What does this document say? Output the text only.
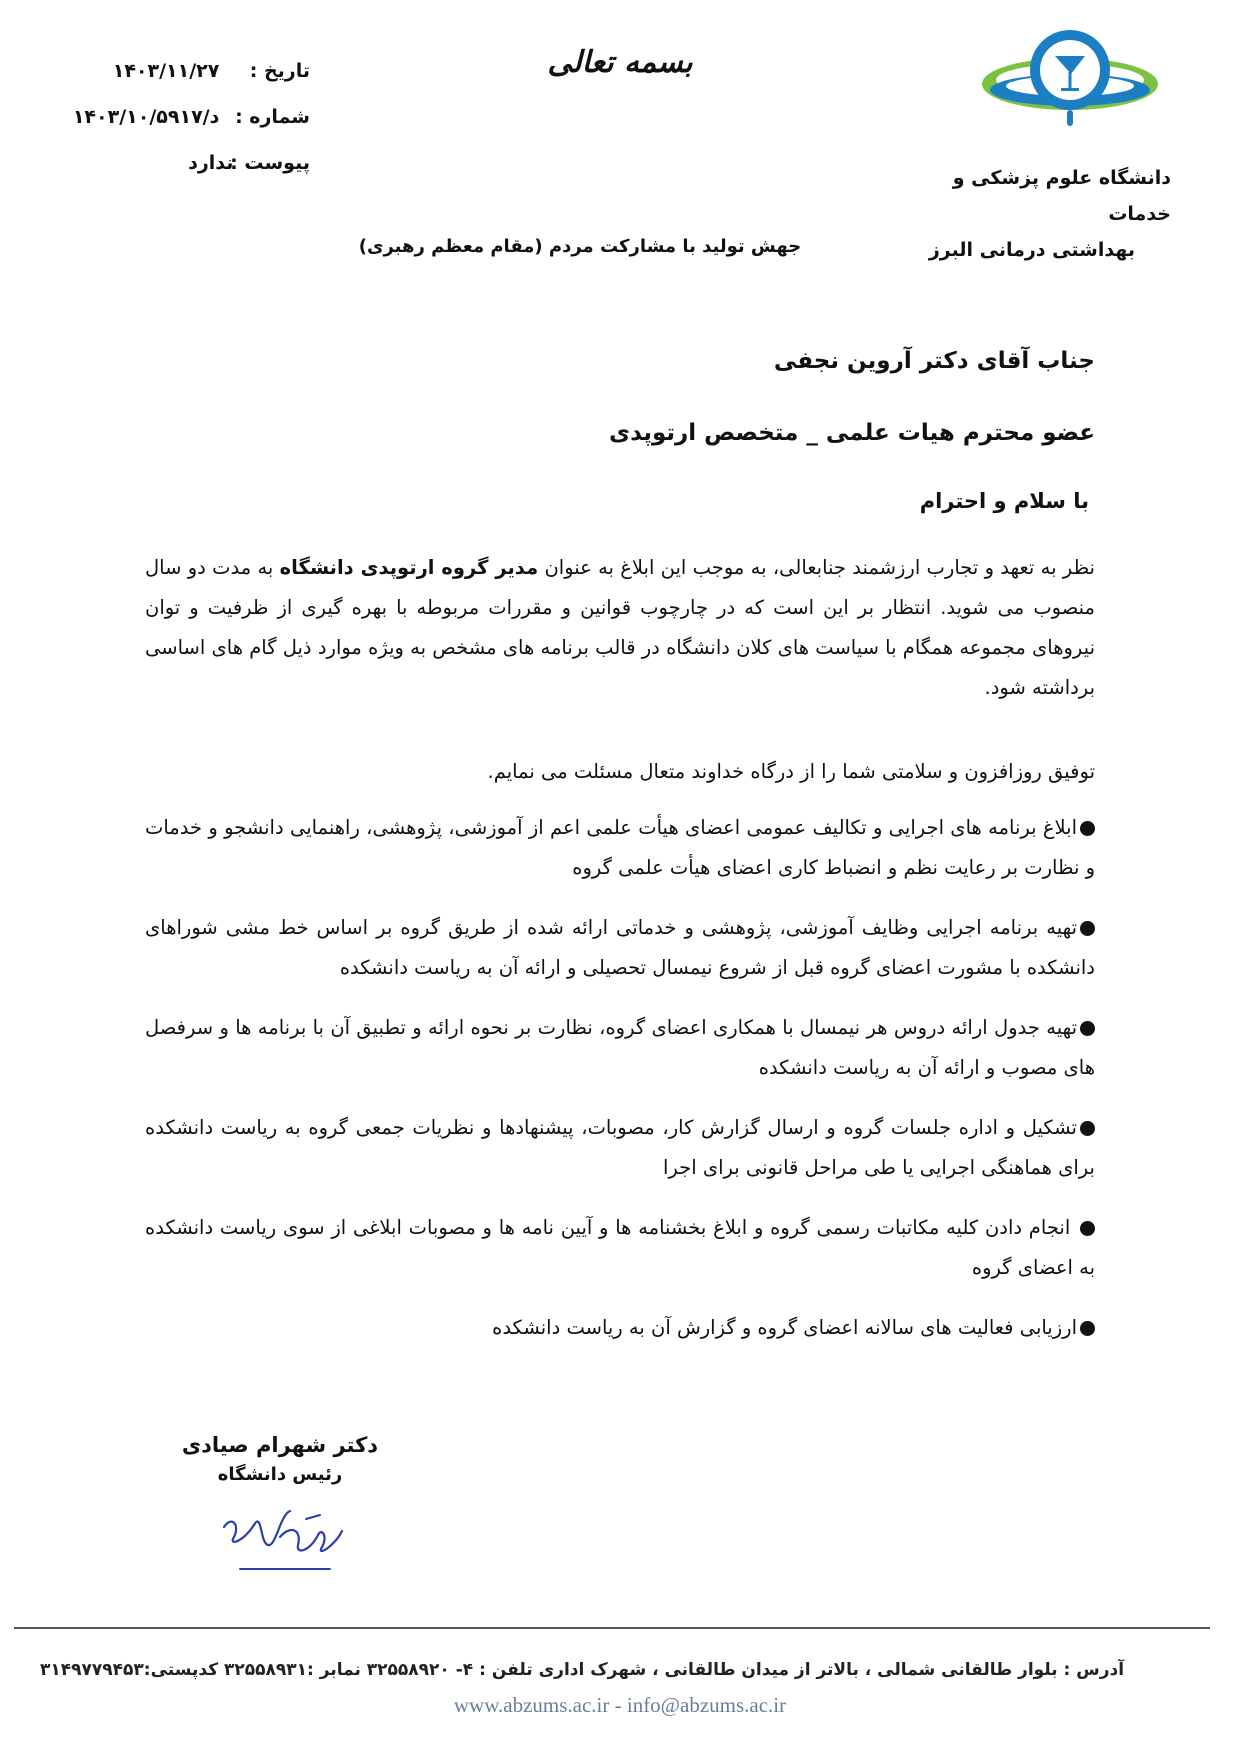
دانشگاه علوم پزشکی و خدمات
بهداشتی درمانی البرز
بسمه تعالی
تاریخ : ۱۴۰۳/۱۱/۲۷
شماره : ۱۴۰۳/د/۱۰/۵۹۱۷
پیوست : ندارد
جهش تولید با مشارکت مردم (مقام معظم رهبری)
جناب آقای دکتر آروین نجفی
عضو محترم هیات علمی _ متخصص ارتوپدی
با سلام و احترام
نظر به تعهد و تجارب ارزشمند جنابعالی، به موجب این ابلاغ به عنوان مدیر گروه ارتوپدی دانشگاه به مدت دو سال منصوب می شوید. انتظار بر این است که در چارچوب قوانین و مقررات مربوطه با بهره گیری از ظرفیت و توان نیروهای مجموعه همگام با سیاست های کلان دانشگاه در قالب برنامه های مشخص به ویژه موارد ذیل گام های اساسی برداشته شود.
توفیق روزافزون و سلامتی شما را از درگاه خداوند متعال مسئلت می نمایم.
ابلاغ برنامه های اجرایی و تکالیف عمومی اعضای هیأت علمی اعم از آموزشی، پژوهشی، راهنمایی دانشجو و خدمات و نظارت بر رعایت نظم و انضباط کاری اعضای هیأت علمی گروه
تهیه برنامه اجرایی وظایف آموزشی، پژوهشی و خدماتی ارائه شده از طریق گروه بر اساس خط مشی شوراهای دانشکده با مشورت اعضای گروه قبل از شروع نیمسال تحصیلی و ارائه آن به ریاست دانشکده
تهیه جدول ارائه دروس هر نیمسال با همکاری اعضای گروه، نظارت بر نحوه ارائه و تطبیق آن با برنامه ها و سرفصل های مصوب و ارائه آن به ریاست دانشکده
تشکیل و اداره جلسات گروه و ارسال گزارش کار، مصوبات، پیشنهادها و نظریات جمعی گروه به ریاست دانشکده برای هماهنگی اجرایی یا طی مراحل قانونی برای اجرا
انجام دادن کلیه مکاتبات رسمی گروه و ابلاغ بخشنامه ها و آیین نامه ها و مصوبات ابلاغی از سوی ریاست دانشکده به اعضای گروه
ارزیابی فعالیت های سالانه اعضای گروه و گزارش آن به ریاست دانشکده
دکتر شهرام صیادی
رئیس دانشگاه
آدرس : بلوار طالقانی شمالی ، بالاتر از میدان طالقانی ، شهرک اداری تلفن : ۴- ۳۲۵۵۸۹۲۰ نمابر :۳۲۵۵۸۹۳۱ کدپستی:۳۱۴۹۷۷۹۴۵۳
www.abzums.ac.ir - info@abzums.ac.ir
